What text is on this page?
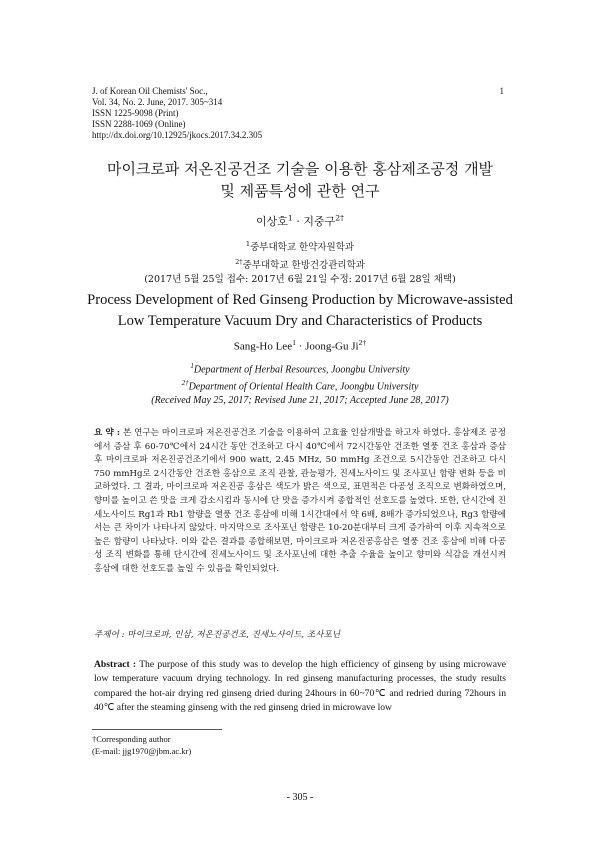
J. of Korean Oil Chemists' Soc.,
Vol. 34, No. 2. June, 2017. 305~314
ISSN 1225-9098 (Print)
ISSN 2288-1069 (Online)
http://dx.doi.org/10.12925/jkocs.2017.34.2.305
1
마이크로파 저온진공건조 기술을 이용한 홍삼제조공정 개발
및 제품특성에 관한 연구
이상호$^1$ · 지중구$^{2\dagger}$
$^1$중부대학교 한약자원학과
$^{2\dagger}$중부대학교 한방건강관리학과
(2017년 5월 25일 접수: 2017년 6월 21일 수정: 2017년 6월 28일 채택)
Process Development of Red Ginseng Production by Microwave-assisted
Low Temperature Vacuum Dry and Characteristics of Products
Sang-Ho Lee$^1$ · Joong-Gu $Ji^{2\dagger}$
$^1$Department of Herbal Resources, Joongbu University
$^{2\dagger}$Department of Oriental Health Care, Joongbu University
(Received May 25, 2017; Revised June 21, 2017; Accepted June 28, 2017)
요 약 : 본 연구는 마이크로파 저온진공건조 기술을 이용하여 고효율 인삼개발을 하고자 하였다. 홍삼제조 공정에서 증삼 후 60-70℃에서 24시간 동안 건조하고 다시 40℃에서 72시간동안 건조한 열풍 건조 홍삼과 증삼 후 마이크로파 저온진공건조기에서 900 watt, 2.45 MHz, 50 mmHg 조건으로 5시간동안 건조하고 다시 750 mmHg로 2시간동안 건조한 홍삼으로 조직 관찰, 관능평가, 진세노사이드 및 조사포닌 함량 변화 등을 비교하였다. 그 결과, 마이크로파 저온진공 홍삼은 색도가 밝은 색으로, 표면적은 다공성 조직으로 변화하였으며, 향미를 높이고 쓴 맛을 크게 감소시킴과 동시에 단 맛을 증가시켜 종합적인 선호도를 높였다. 또한, 단시간에 진세노사이드 Rg1과 Rb1 함량을 열풍 건조 홍삼에 비해 1시간대에서 약 6배, 8배가 증가되었으나, Rg3 함량에서는 큰 차이가 나타나지 않았다. 마지막으로 조사포닌 함량은 10-20분대부터 크게 증가하여 이후 지속적으로 높은 함량이 나타났다. 이와 같은 결과를 종합해보면, 마이크로파 저온진공홍삼은 열풍 건조 홍삼에 비해 다공성 조직 변화를 통해 단시간에 진세노사이드 및 조사포닌에 대한 추출 수율을 높이고 향미와 식감을 개선시켜 홍삼에 대한 선호도를 높일 수 있음을 확인되었다.
주제어 : 마이크로파, 인삼, 저온진공건조, 진세노사이드, 조사포닌
Abstract : The purpose of this study was to develop the high efficiency of ginseng by using microwave low temperature vacuum drying technology. In red ginseng manufacturing processes, the study results compared the hot-air drying red ginseng dried during 24hours in 60~70℃ and redried during 72hours in 40℃ after the steaming ginseng with the red ginseng dried in microwave low
†Corresponding author
(E-mail: jjg1970@jbm.ac.kr)
- 305 -
